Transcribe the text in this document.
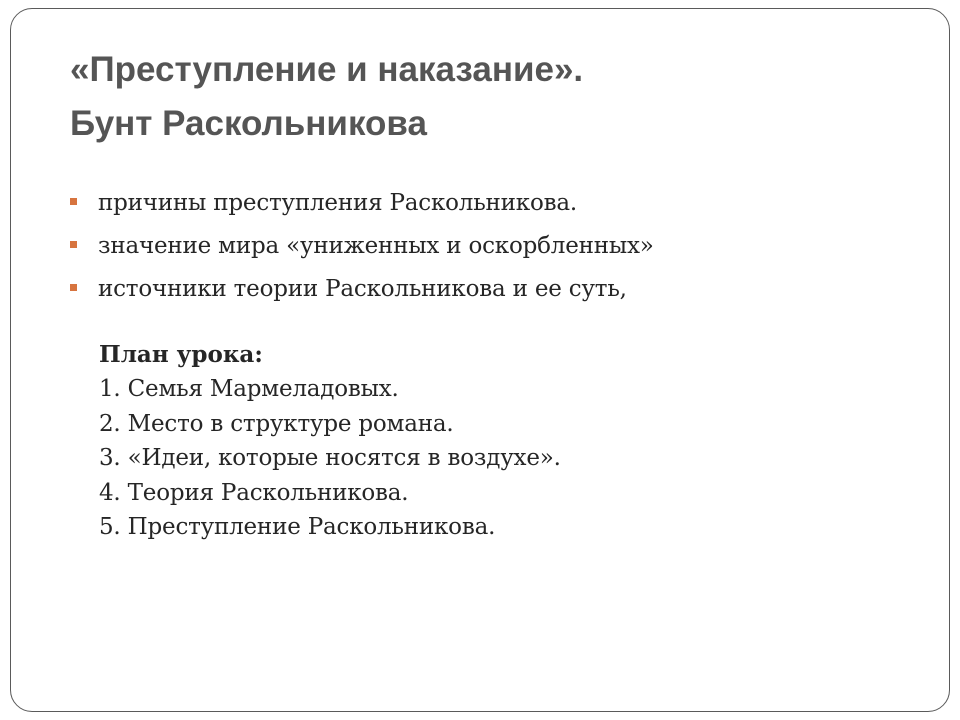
«Преступление и наказание».
Бунт Раскольникова
причины преступления Раскольникова.
значение мира «униженных и оскорбленных»
источники теории Раскольникова и ее суть,
План урока:
1. Семья Мармеладовых.
2. Место в структуре романа.
3. «Идеи, которые носятся в воздухе».
4. Теория Раскольникова.
5. Преступление Раскольникова.
